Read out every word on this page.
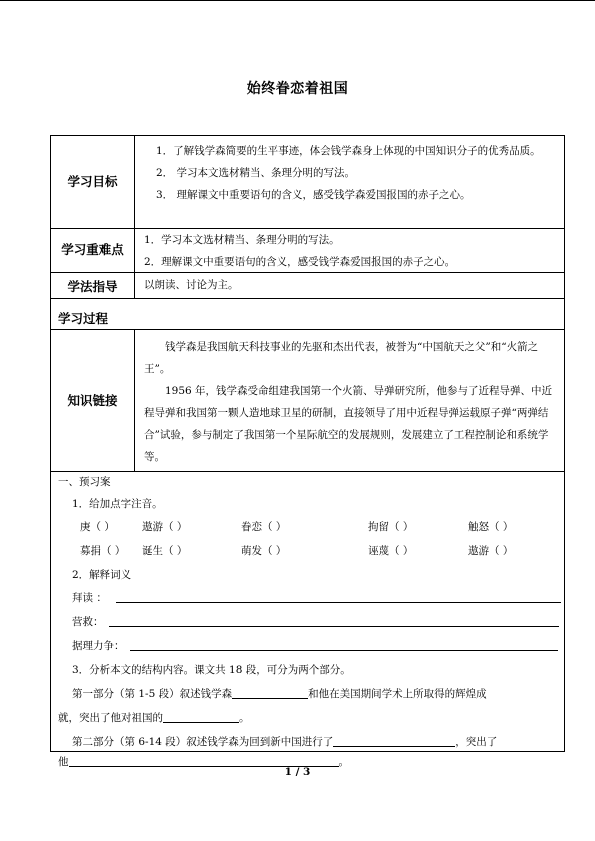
始终眷恋着祖国
学习目标

1．了解钱学森简要的生平事迹，体会钱学森身上体现的中国知识分子的优秀品质。

2． 学习本文选材精当、条理分明的写法。

3． 理解课文中重要语句的含义，感受钱学森爱国报国的赤子之心。

学习重难点

1．学习本文选材精当、条理分明的写法。

2．理解课文中重要语句的含义，感受钱学森爱国报国的赤子之心。

学法指导	以朗读、讨论为主。
学习过程
知识链接

钱学森是我国航天科技事业的先驱和杰出代表，被誉为“中国航天之父”和“火箭之王”。

1956 年，钱学森受命组建我国第一个火箭、导弹研究所，他参与了近程导弹、中近程导弹和我国第一颗人造地球卫星的研制，直接领导了用中近程导弹运载原子弹“两弹结合”试验，参与制定了我国第一个星际航空的发展规则，发展建立了工程控制论和系统学等。

一、预习案
1．给加点字注音。
庚（ ）	遨游（ ）	眷恋（ ）	拘留（ ）	触怒（ ）
募捐（ ） 诞生（ ）	萌发（ ）	诬蔑（ ）	遨游（ ）
2．解释词义
拜读 ：
营救：
据理力争：
3．分析本文的结构内容。课文共 18 段，可分为两个部分。
第一部分（第 1-5 段）叙述钱学森	和他在美国期间学术上所取得的辉煌成
就，突出了他对祖国的	。
第二部分（第 6-14 段）叙述钱学森为回到新中国进行了	，突出了
他	。
1 / 3
